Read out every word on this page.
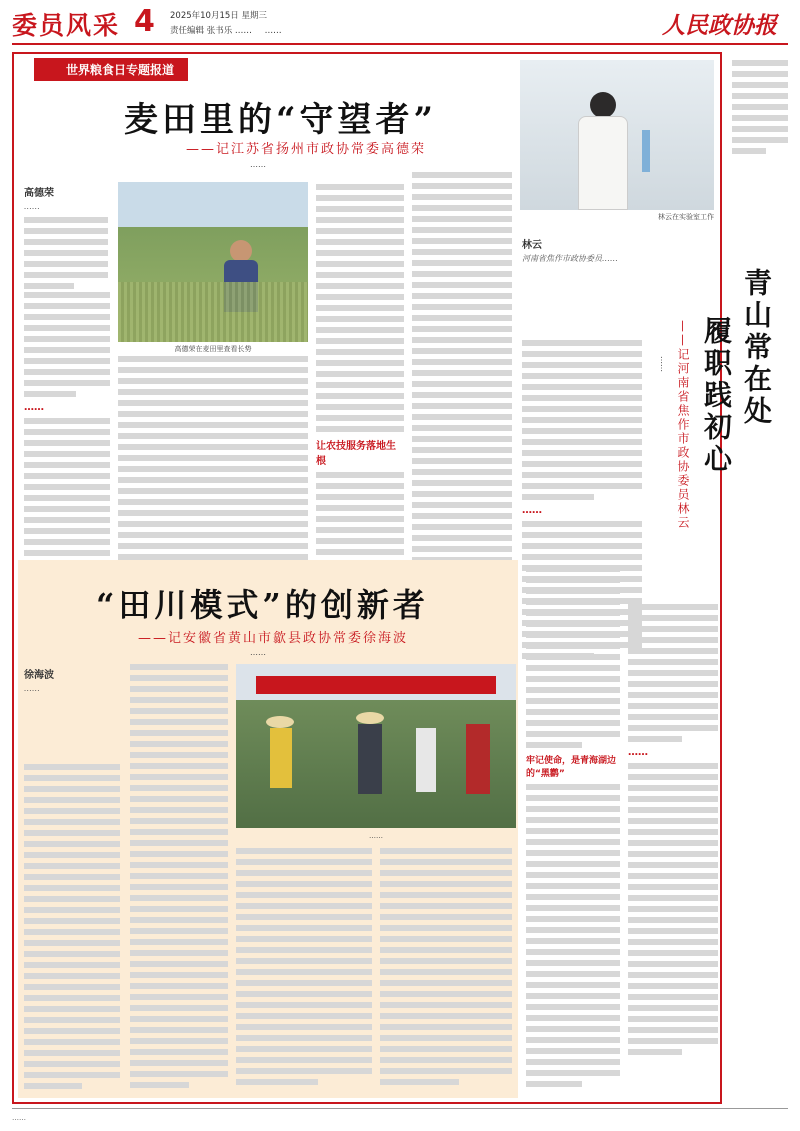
委员风采 4 2025年10月15日 星期三
责任编辑 张书乐 …… ……	人民政协报
世界粮食日专题报道
麦田里的“守望者”
——记江苏省扬州市政协常委高德荣
……
高德荣
……
高德荣在麦田里查看长势
……
让农技服务落地生根
林云在实验室工作
林云
河南省焦作市政协委员……
青山常在处
履职践初心
——记河南省焦作市政协委员林云
……
……
“田川模式”的创新者
——记安徽省黄山市歙县政协常委徐海波
……
徐海波
……
……
牢记使命，是青海湖边的“黑鹳”
……
……
